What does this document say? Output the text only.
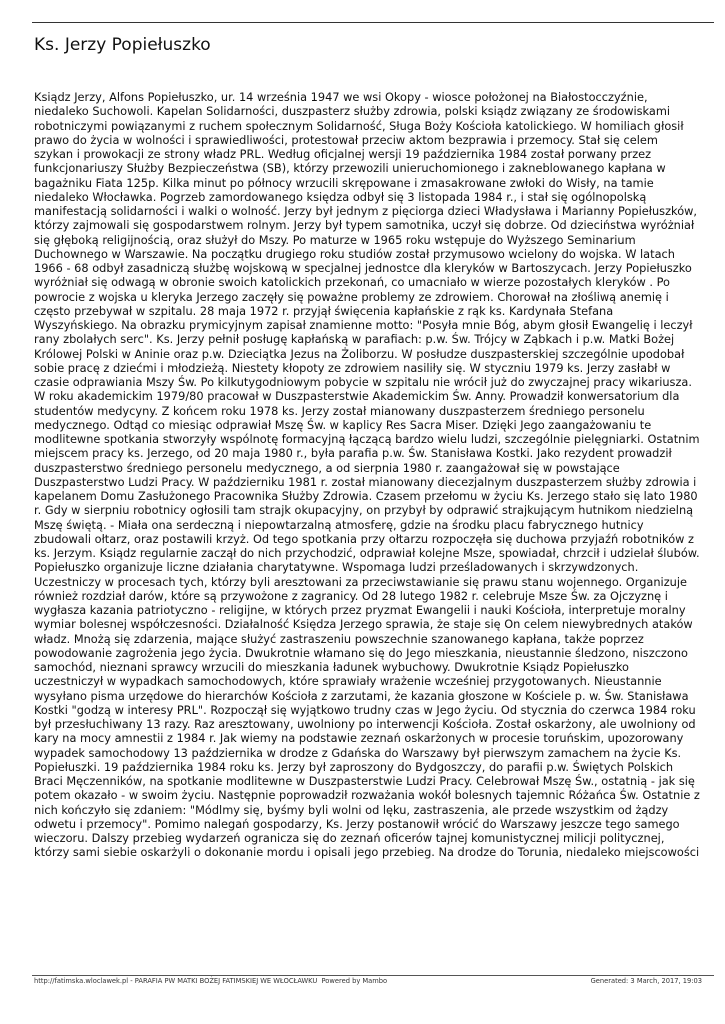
Ks. Jerzy Popiełuszko

Ksiądz Jerzy, Alfons Popiełuszko, ur. 14 września 1947 we wsi Okopy - wiosce położonej na Białostocczyźnie, niedaleko Suchowoli. Kapelan Solidarności, duszpasterz służby zdrowia, polski ksiądz związany ze środowiskami robotniczymi powiązanymi z ruchem społecznym Solidarność, Sługa Boży Kościoła katolickiego. W homiliach głosił prawo do życia w wolności i sprawiedliwości, protestował przeciw aktom bezprawia i przemocy. Stał się celem szykan i prowokacji ze strony władz PRL. Według oficjalnej wersji 19 października 1984 został porwany przez funkcjonariuszy Służby Bezpieczeństwa (SB), którzy przewozili unieruchomionego i zakneblowanego kapłana w bagażniku Fiata 125p. Kilka minut po północy wrzucili skrępowane i zmasakrowane zwłoki do Wisły, na tamie niedaleko Włocławka. Pogrzeb zamordowanego księdza odbył się 3 listopada 1984 r., i stał się ogólnopolską manifestacją solidarności i walki o wolność. Jerzy był jednym z pięciorga dzieci Władysława i Marianny Popiełuszków, którzy zajmowali się gospodarstwem rolnym. Jerzy był typem samotnika, uczył się dobrze. Od dzieciństwa wyróżniał się głęboką religijnością, oraz służył do Mszy. Po maturze w 1965 roku wstępuje do Wyższego Seminarium Duchownego w Warszawie. Na początku drugiego roku studiów został przymusowo wcielony do wojska. W latach 1966 - 68 odbył zasadniczą służbę wojskową w specjalnej jednostce dla kleryków w Bartoszycach. Jerzy Popiełuszko wyróżniał się odwagą w obronie swoich katolickich przekonań, co umacniało w wierze pozostałych kleryków . Po powrocie z wojska u kleryka Jerzego zaczęły się poważne problemy ze zdrowiem. Chorował na złośliwą anemię i często przebywał w szpitalu. 28 maja 1972 r. przyjął święcenia kapłańskie z rąk ks. Kardynała Stefana Wyszyńskiego. Na obrazku prymicyjnym zapisał znamienne motto: "Posyła mnie Bóg, abym głosił Ewangelię i leczył rany zbolałych serc". Ks. Jerzy pełnił posługę kapłańską w parafiach: p.w. Św. Trójcy w Ząbkach i p.w. Matki Bożej Królowej Polski w Aninie oraz p.w. Dzieciątka Jezus na Żoliborzu. W posłudze duszpasterskiej szczególnie upodobał sobie pracę z dziećmi i młodzieżą. Niestety kłopoty ze zdrowiem nasiliły się. W styczniu 1979 ks. Jerzy zasłabł w czasie odprawiania Mszy Św. Po kilkutygodniowym pobycie w szpitalu nie wrócił już do zwyczajnej pracy wikariusza. W roku akademickim 1979/80 pracował w Duszpasterstwie Akademickim Św. Anny. Prowadził konwersatorium dla studentów medycyny. Z końcem roku 1978 ks. Jerzy został mianowany duszpasterzem średniego personelu medycznego. Odtąd co miesiąc odprawiał Mszę Św. w kaplicy Res Sacra Miser. Dzięki Jego zaangażowaniu te modlitewne spotkania stworzyły wspólnotę formacyjną łączącą bardzo wielu ludzi, szczególnie pielęgniarki. Ostatnim miejscem pracy ks. Jerzego, od 20 maja 1980 r., była parafia p.w. Św. Stanisława Kostki. Jako rezydent prowadził duszpasterstwo średniego personelu medycznego, a od sierpnia 1980 r. zaangażował się w powstające Duszpasterstwo Ludzi Pracy. W październiku 1981 r. został mianowany diecezjalnym duszpasterzem służby zdrowia i kapelanem Domu Zasłużonego Pracownika Służby Zdrowia. Czasem przełomu w życiu Ks. Jerzego stało się lato 1980 r. Gdy w sierpniu robotnicy ogłosili tam strajk okupacyjny, on przybył by odprawić strajkującym hutnikom niedzielną Mszę świętą. - Miała ona serdeczną i niepowtarzalną atmosferę, gdzie na środku placu fabrycznego hutnicy zbudowali ołtarz, oraz postawili krzyż. Od tego spotkania przy ołtarzu rozpoczęła się duchowa przyjaźń robotników z ks. Jerzym. Ksiądz regularnie zaczął do nich przychodzić, odprawiał kolejne Msze, spowiadał, chrzcił i udzielał ślubów. Popiełuszko organizuje liczne działania charytatywne. Wspomaga ludzi prześladowanych i skrzywdzonych. Uczestniczy w procesach tych, którzy byli aresztowani za przeciwstawianie się prawu stanu wojennego. Organizuje również rozdział darów, które są przywożone z zagranicy. Od 28 lutego 1982 r. celebruje Msze Św. za Ojczyznę i wygłasza kazania patriotyczno - religijne, w których przez pryzmat Ewangelii i nauki Kościoła, interpretuje moralny wymiar bolesnej współczesności. Działalność Księdza Jerzego sprawia, że staje się On celem niewybrednych ataków władz. Mnożą się zdarzenia, mające służyć zastraszeniu powszechnie szanowanego kapłana, także poprzez powodowanie zagrożenia jego życia. Dwukrotnie włamano się do Jego mieszkania, nieustannie śledzono, niszczono samochód, nieznani sprawcy wrzucili do mieszkania ładunek wybuchowy. Dwukrotnie Ksiądz Popiełuszko uczestniczył w wypadkach samochodowych, które sprawiały wrażenie wcześniej przygotowanych. Nieustannie wysyłano pisma urzędowe do hierarchów Kościoła z zarzutami, że kazania głoszone w Kościele p. w. Św. Stanisława Kostki "godzą w interesy PRL". Rozpoczął się wyjątkowo trudny czas w Jego życiu. Od stycznia do czerwca 1984 roku był przesłuchiwany 13 razy. Raz aresztowany, uwolniony po interwencji Kościoła. Został oskarżony, ale uwolniony od kary na mocy amnestii z 1984 r. Jak wiemy na podstawie zeznań oskarżonych w procesie toruńskim, upozorowany wypadek samochodowy 13 października w drodze z Gdańska do Warszawy był pierwszym zamachem na życie Ks. Popiełuszki. 19 października 1984 roku ks. Jerzy był zaproszony do Bydgoszczy, do parafii p.w. Świętych Polskich Braci Męczenników, na spotkanie modlitewne w Duszpasterstwie Ludzi Pracy. Celebrował Mszę Św., ostatnią - jak się potem okazało - w swoim życiu. Następnie poprowadził rozważania wokół bolesnych tajemnic Różańca Św. Ostatnie z nich kończyło się zdaniem: "Módlmy się, byśmy byli wolni od lęku, zastraszenia, ale przede wszystkim od żądzy odwetu i przemocy". Pomimo nalegań gospodarzy, Ks. Jerzy postanowił wrócić do Warszawy jeszcze tego samego wieczoru. Dalszy przebieg wydarzeń ogranicza się do zeznań oficerów tajnej komunistycznej milicji politycznej, którzy sami siebie oskarżyli o dokonanie mordu i opisali jego przebieg. Na drodze do Torunia, niedaleko miejscowości

http://fatimska.wloclawek.pl - PARAFIA PW MATKI BOŻEJ FATIMSKIEJ WE WŁOCŁAWKU Powered by Mambo	Generated: 3 March, 2017, 19:03
